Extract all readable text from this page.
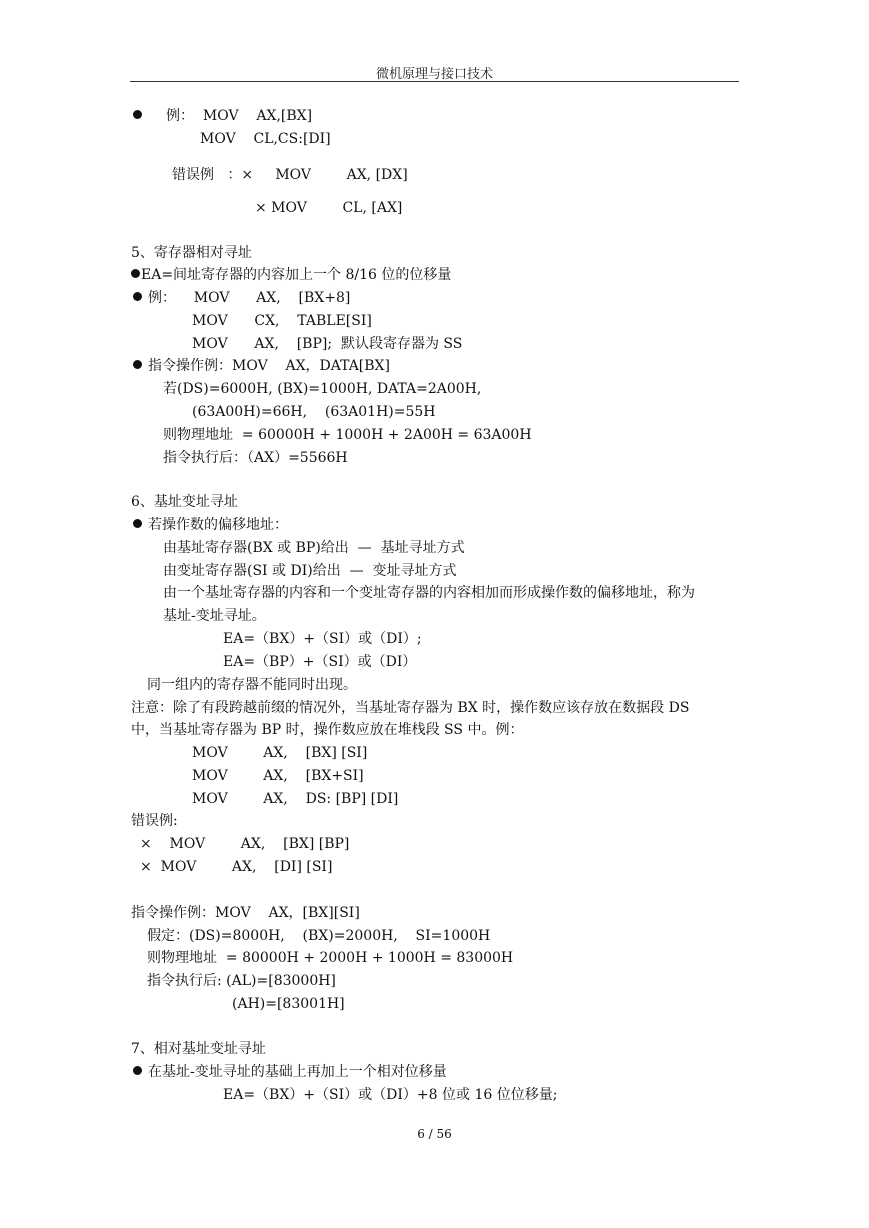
微机原理与接口技术
例：  MOV    AX,[BX]
MOV    CL,CS:[DI]
错误例   ：×     MOV        AX, [DX]
× MOV        CL, [AX]
5、寄存器相对寻址
EA=间址寄存器的内容加上一个 8/16 位的位移量
例：    MOV      AX,    [BX+8]
MOV      CX,    TABLE[SI]
MOV      AX,    [BP];  默认段寄存器为 SS
指令操作例：MOV    AX，DATA[BX]
若(DS)=6000H, (BX)=1000H, DATA=2A00H,
(63A00H)=66H,    (63A01H)=55H
则物理地址  = 60000H + 1000H + 2A00H = 63A00H
指令执行后：（AX）=5566H
6、基址变址寻址
若操作数的偏移地址：
由基址寄存器(BX 或 BP)给出  —  基址寻址方式
由变址寄存器(SI 或 DI)给出  —  变址寻址方式
由一个基址寄存器的内容和一个变址寄存器的内容相加而形成操作数的偏移地址，称为
基址-变址寻址。
EA=（BX）+（SI）或（DI）;
EA=（BP）+（SI）或（DI）
同一组内的寄存器不能同时出现。
注意：除了有段跨越前缀的情况外，当基址寄存器为 BX 时，操作数应该存放在数据段 DS
中，当基址寄存器为 BP 时，操作数应放在堆栈段 SS 中。例：
MOV        AX,    [BX] [SI]
MOV        AX,    [BX+SI]
MOV        AX,    DS: [BP] [DI]
错误例:
×    MOV        AX,    [BX] [BP]
×  MOV        AX,    [DI] [SI]
指令操作例：MOV    AX，[BX][SI]
假定：(DS)=8000H,    (BX)=2000H,    SI=1000H
则物理地址  = 80000H + 2000H + 1000H = 83000H
指令执行后: (AL)=[83000H]
(AH)=[83001H]
7、相对基址变址寻址
在基址-变址寻址的基础上再加上一个相对位移量
EA=（BX）+（SI）或（DI）+8 位或 16 位位移量;
6 / 56
